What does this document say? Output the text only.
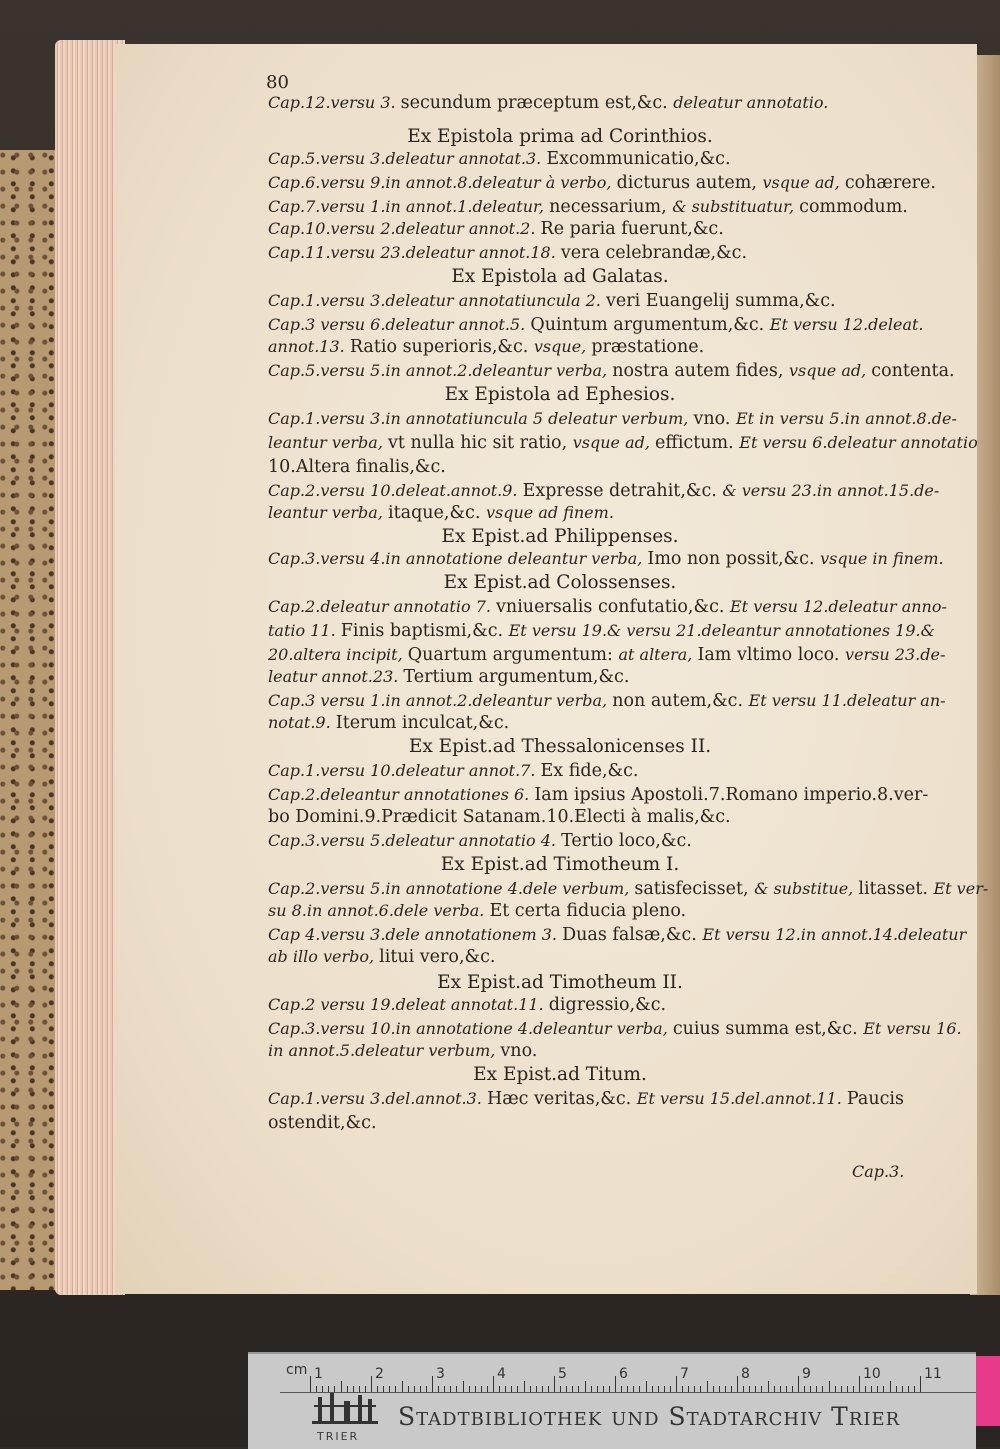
80
Cap.12.versu 3. secundum præceptum est,&c. deleatur annotatio.
Ex Epistola prima ad Corinthios.
Cap.5.versu 3.deleatur annotat.3. Excommunicatio,&c.
Cap.6.versu 9.in annot.8.deleatur à verbo, dicturus autem, vsque ad, cohærere.
Cap.7.versu 1.in annot.1.deleatur, necessarium, & substituatur, commodum.
Cap.10.versu 2.deleatur annot.2. Re paria fuerunt,&c.
Cap.11.versu 23.deleatur annot.18. vera celebrandæ,&c.
Ex Epistola ad Galatas.
Cap.1.versu 3.deleatur annotatiuncula 2. veri Euangelij summa,&c.
Cap.3 versu 6.deleatur annot.5. Quintum argumentum,&c. Et versu 12.deleat.
annot.13. Ratio superioris,&c. vsque, præstatione.
Cap.5.versu 5.in annot.2.deleantur verba, nostra autem fides, vsque ad, contenta.
Ex Epistola ad Ephesios.
Cap.1.versu 3.in annotatiuncula 5 deleatur verbum, vno. Et in versu 5.in annot.8.de-
leantur verba, vt nulla hic sit ratio, vsque ad, effictum. Et versu 6.deleatur annotatio
10.Altera finalis,&c.
Cap.2.versu 10.deleat.annot.9. Expresse detrahit,&c. & versu 23.in annot.15.de-
leantur verba, itaque,&c. vsque ad finem.
Ex Epist.ad Philippenses.
Cap.3.versu 4.in annotatione deleantur verba, Imo non possit,&c. vsque in finem.
Ex Epist.ad Colossenses.
Cap.2.deleatur annotatio 7. vniuersalis confutatio,&c. Et versu 12.deleatur anno-
tatio 11. Finis baptismi,&c. Et versu 19.& versu 21.deleantur annotationes 19.&
20.altera incipit, Quartum argumentum: at altera, Iam vltimo loco. versu 23.de-
leatur annot.23. Tertium argumentum,&c.
Cap.3 versu 1.in annot.2.deleantur verba, non autem,&c. Et versu 11.deleatur an-
notat.9. Iterum inculcat,&c.
Ex Epist.ad Thessalonicenses II.
Cap.1.versu 10.deleatur annot.7. Ex fide,&c.
Cap.2.deleantur annotationes 6. Iam ipsius Apostoli.7.Romano imperio.8.ver-
bo Domini.9.Prædicit Satanam.10.Electi à malis,&c.
Cap.3.versu 5.deleatur annotatio 4. Tertio loco,&c.
Ex Epist.ad Timotheum I.
Cap.2.versu 5.in annotatione 4.dele verbum, satisfecisset, & substitue, litasset. Et ver-
su 8.in annot.6.dele verba. Et certa fiducia pleno.
Cap 4.versu 3.dele annotationem 3. Duas falsæ,&c. Et versu 12.in annot.14.deleatur
ab illo verbo, litui vero,&c.
Ex Epist.ad Timotheum II.
Cap.2 versu 19.deleat annotat.11. digressio,&c.
Cap.3.versu 10.in annotatione 4.deleantur verba, cuius summa est,&c. Et versu 16.
in annot.5.deleatur verbum, vno.
Ex Epist.ad Titum.
Cap.1.versu 3.del.annot.3. Hæc veritas,&c. Et versu 15.del.annot.11. Paucis
ostendit,&c.
Cap.3.
cm 1	2	3	4	5	6	7	8	9	10	11
TRIER
Stadtbibliothek und Stadtarchiv Trier
